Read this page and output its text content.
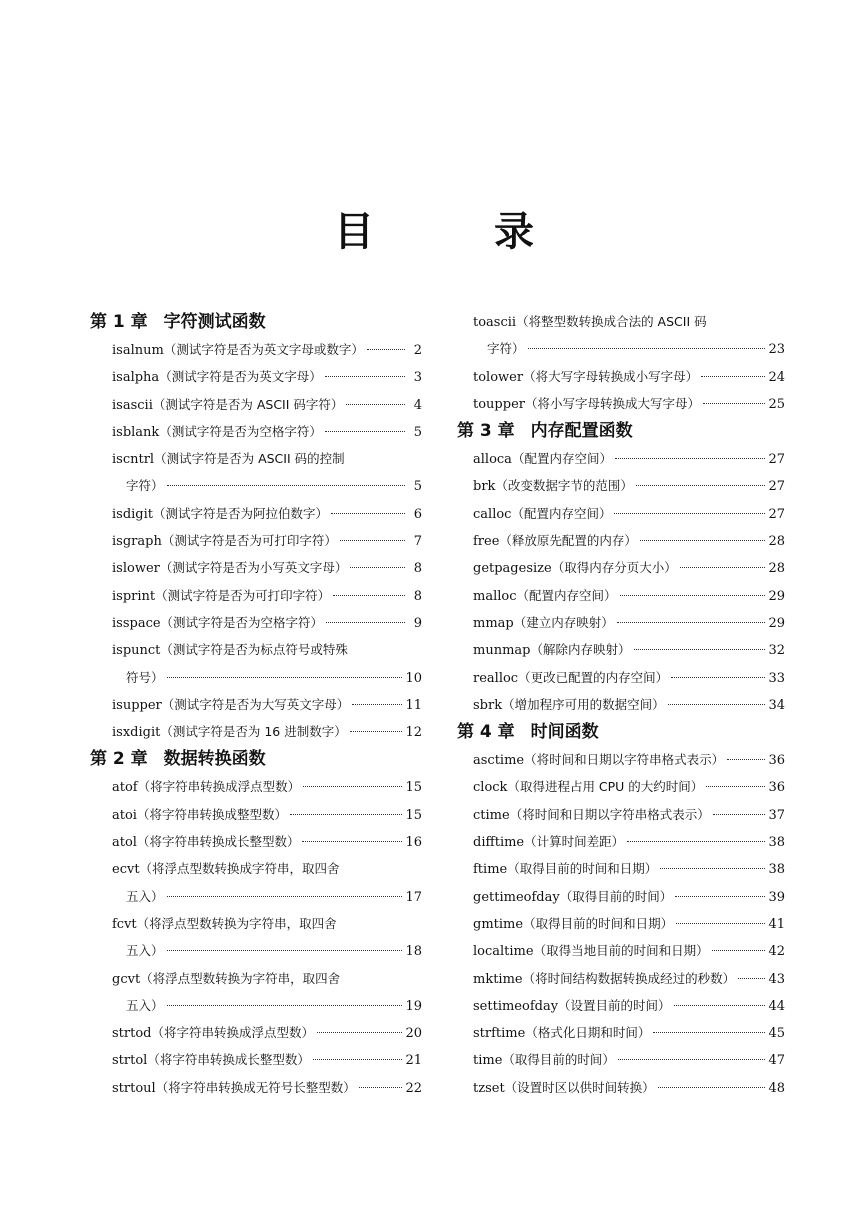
目　录
第 1 章 字符测试函数
isalnum （测试字符是否为英文字母或数字）	2
isalpha （测试字符是否为英文字母）	3
isascii （测试字符是否为 ASCII 码字符）	4
isblank （测试字符是否为空格字符）	5
iscntrl （测试字符是否为 ASCII 码的控制
字符）	5
isdigit （测试字符是否为阿拉伯数字）	6
isgraph （测试字符是否为可打印字符）	7
islower （测试字符是否为小写英文字母）	8
isprint （测试字符是否为可打印字符）	8
isspace （测试字符是否为空格字符）	9
ispunct （测试字符是否为标点符号或特殊
符号）	10
isupper （测试字符是否为大写英文字母）	11
isxdigit （测试字符是否为 16 进制数字）	12
第 2 章 数据转换函数
atof （将字符串转换成浮点型数）	15
atoi （将字符串转换成整型数）	15
atol （将字符串转换成长整型数）	16
ecvt （将浮点型数转换成字符串，取四舍
五入）	17
fcvt （将浮点型数转换为字符串，取四舍
五入）	18
gcvt （将浮点型数转换为字符串，取四舍
五入）	19
strtod （将字符串转换成浮点型数）	20
strtol （将字符串转换成长整型数）	21
strtoul （将字符串转换成无符号长整型数）	22
toascii （将整型数转换成合法的 ASCII 码
字符）	23
tolower （将大写字母转换成小写字母）	24
toupper （将小写字母转换成大写字母）	25
第 3 章 内存配置函数
alloca （配置内存空间）	27
brk （改变数据字节的范围）	27
calloc （配置内存空间）	27
free （释放原先配置的内存）	28
getpagesize （取得内存分页大小）	28
malloc （配置内存空间）	29
mmap （建立内存映射）	29
munmap （解除内存映射）	32
realloc （更改已配置的内存空间）	33
sbrk （增加程序可用的数据空间）	34
第 4 章 时间函数
asctime （将时间和日期以字符串格式表示）	36
clock （取得进程占用 CPU 的大约时间）	36
ctime （将时间和日期以字符串格式表示）	37
difftime （计算时间差距）	38
ftime （取得目前的时间和日期）	38
gettimeofday （取得目前的时间）	39
gmtime （取得目前的时间和日期）	41
localtime （取得当地目前的时间和日期）	42
mktime （将时间结构数据转换成经过的秒数）	43
settimeofday （设置目前的时间）	44
strftime （格式化日期和时间）	45
time （取得目前的时间）	47
tzset （设置时区以供时间转换）	48
